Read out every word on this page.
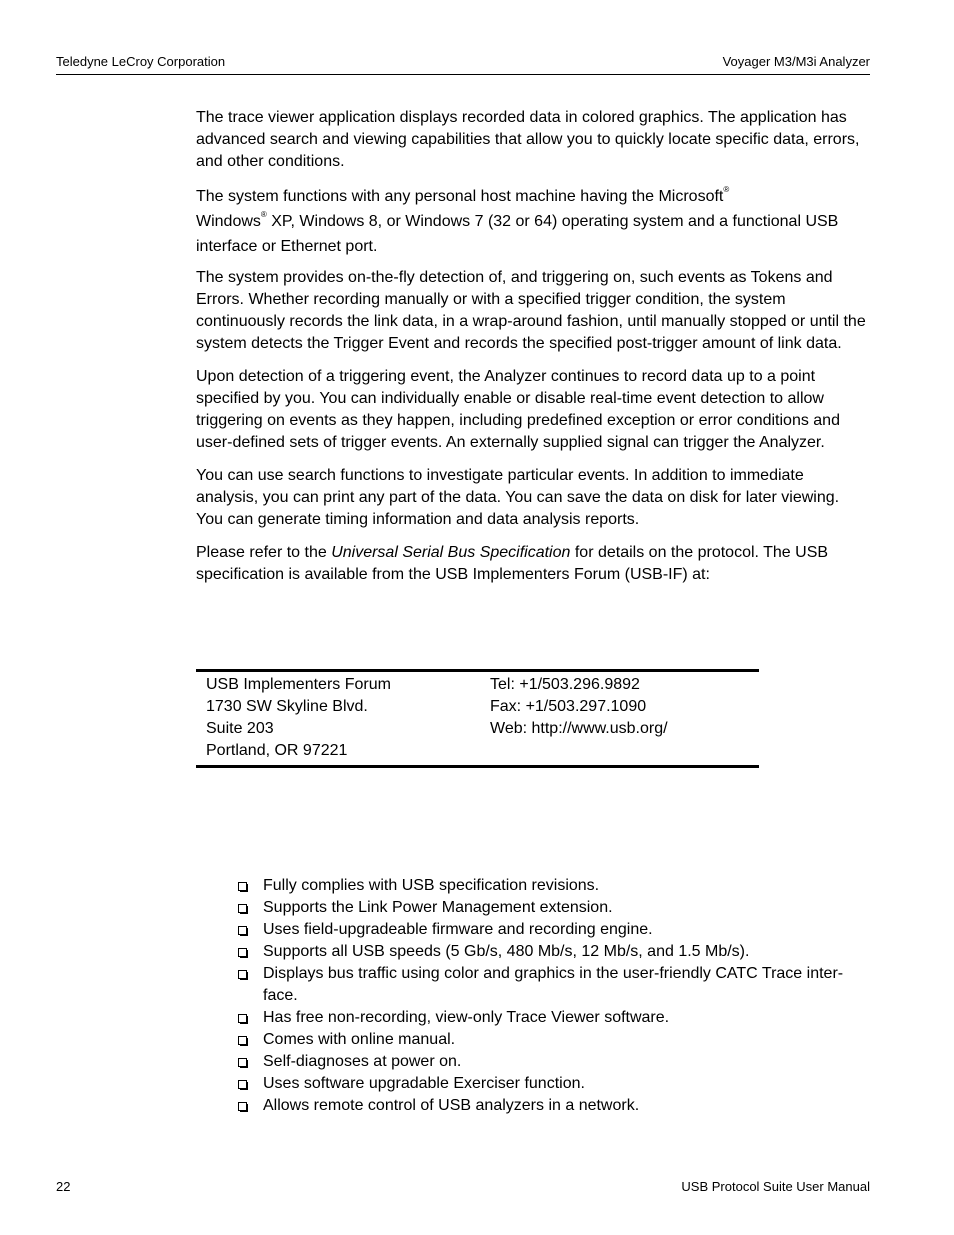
Teledyne LeCroy Corporation	Voyager M3/M3i Analyzer

The trace viewer application displays recorded data in colored graphics. The application has advanced search and viewing capabilities that allow you to quickly locate specific data, errors, and other conditions.

The system functions with any personal host machine having the Microsoft®
Windows® XP, Windows 8, or Windows 7 (32 or 64) operating system and a functional USB interface or Ethernet port.

The system provides on-the-fly detection of, and triggering on, such events as Tokens and Errors. Whether recording manually or with a specified trigger condition, the system continuously records the link data, in a wrap-around fashion, until manually stopped or until the system detects the Trigger Event and records the specified post-trigger amount of link data.

Upon detection of a triggering event, the Analyzer continues to record data up to a point specified by you. You can individually enable or disable real-time event detection to allow triggering on events as they happen, including predefined exception or error conditions and user-defined sets of trigger events. An externally supplied signal can trigger the Analyzer.

You can use search functions to investigate particular events. In addition to immediate analysis, you can print any part of the data. You can save the data on disk for later viewing. You can generate timing information and data analysis reports.

Please refer to the Universal Serial Bus Specification for details on the protocol. The USB specification is available from the USB Implementers Forum (USB-IF) at:

USB Implementers Forum
1730 SW Skyline Blvd.
Suite 203
Portland, OR 97221
Tel: +1/503.296.9892
Fax: +1/503.297.1090
Web: http://www.usb.org/
Fully complies with USB specification revisions.
Supports the Link Power Management extension.
Uses field-upgradeable firmware and recording engine.
Supports all USB speeds (5 Gb/s, 480 Mb/s, 12 Mb/s, and 1.5 Mb/s).
Displays bus traffic using color and graphics in the user-friendly CATC Trace inter-face.
Has free non-recording, view-only Trace Viewer software.
Comes with online manual.
Self-diagnoses at power on.
Uses software upgradable Exerciser function.
Allows remote control of USB analyzers in a network.
22	USB Protocol Suite User Manual
